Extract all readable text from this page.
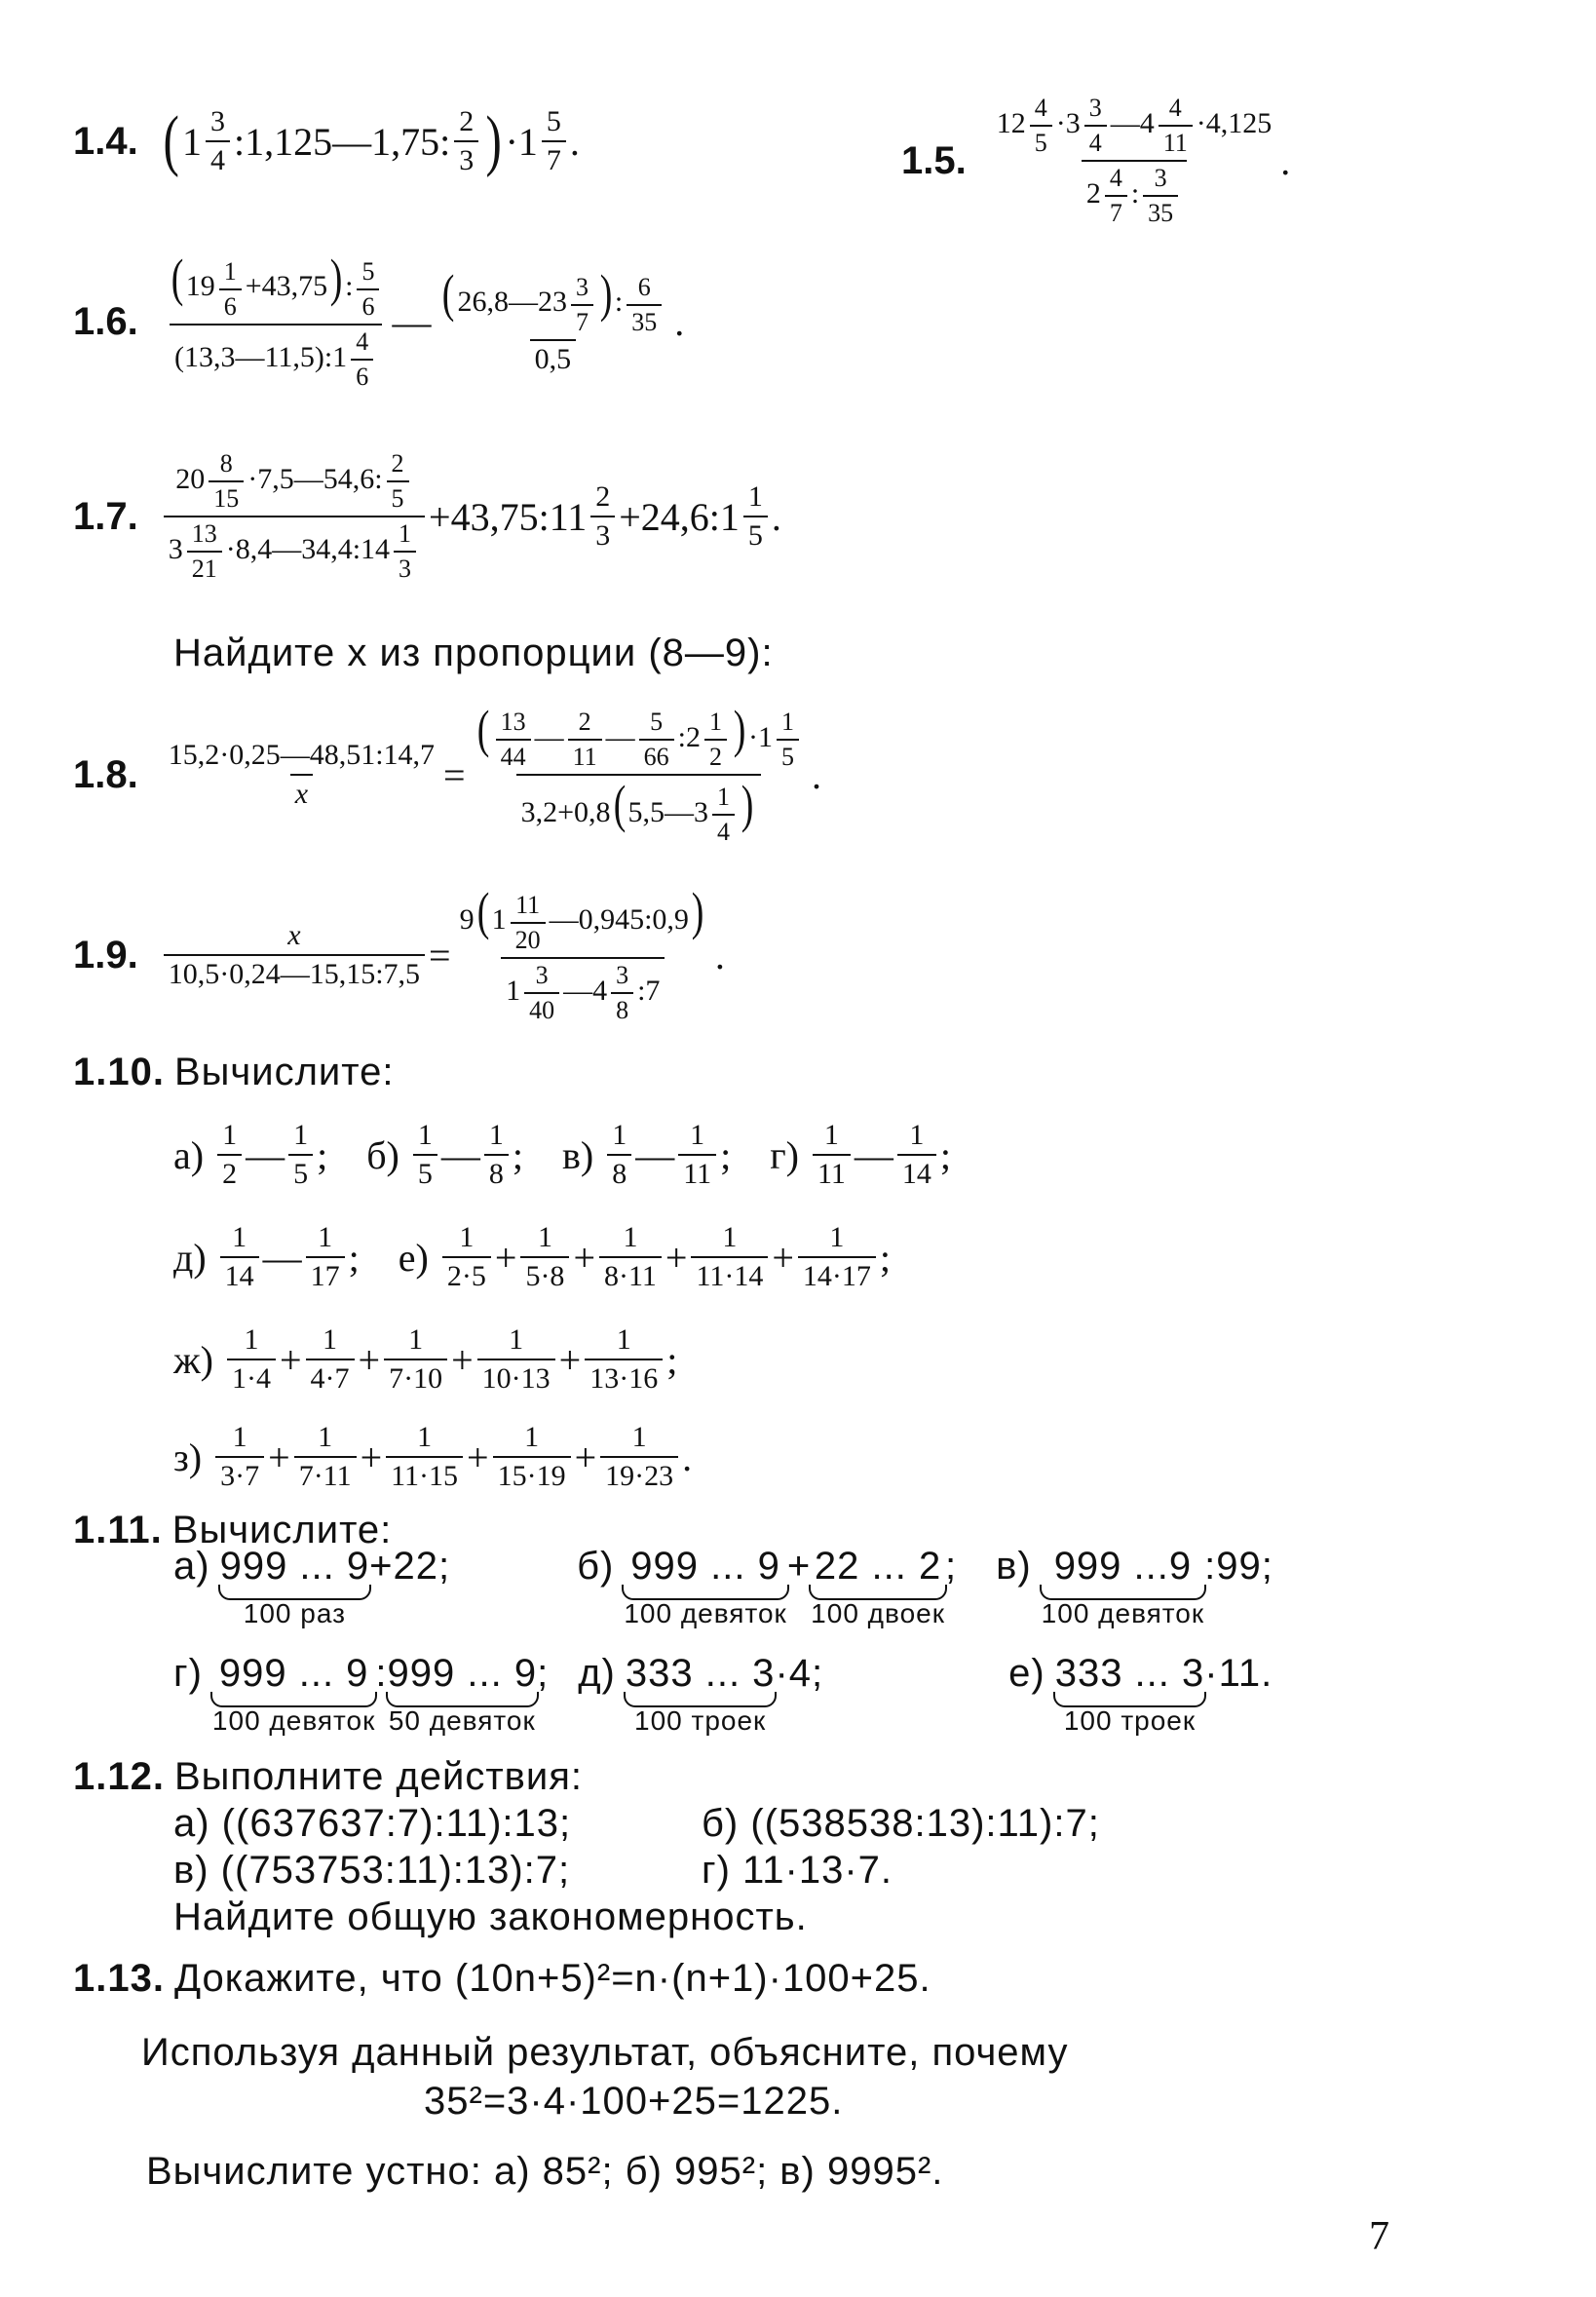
1.4. ( $1 \frac{3}{4}$ :1,125—1,75: $\frac{2}{3}$ ) $\cdot 1 \frac{5}{7}$ .	1.5. $\frac{12 \frac{4}{5} \cdot 3 \frac{3}{4} —4 \frac{4}{11} \cdot 4,125}{2 \frac{4}{7} : \frac{3}{35}}$ .
1.6. $\frac{(19 \frac{1}{6} +43,75): \frac{5}{6}}{(13,3—11,5):1 \frac{4}{6}}$ — $\frac{(26,8—23 \frac{3}{7} ): \frac{6}{35}}{0,5}$ .
1.7. $\frac{20 \frac{8}{15} \cdot 7,5—54,6: \frac{2}{5}}{3 \frac{13}{21} \cdot 8,4—34,4:14 \frac{1}{3}}$ +43,75:11 $\frac{2}{3}$ +24,6:1 $\frac{1}{5}$ .
Найдите x из пропорции (8—9):
1.8. $\frac{15,2\cdot 0,25—48,51:14,7}{x} = \frac{( \frac{13}{44} — \frac{2}{11} — \frac{5}{66} :2 \frac{1}{2} )\cdot 1 \frac{1}{5}}{3,2+0,8(5,5—3 \frac{1}{4} )}$ .
1.9. $\frac{x}{10,5\cdot 0,24—15,15:7,5} = \frac{9(1 \frac{11}{20} —0,945:0,9)}{1 \frac{3}{40} —4 \frac{3}{8} :7}$ .
1.10. Вычислите:
$а) \frac{1}{2}$ — $\frac{1}{5}$ ; $б) \frac{1}{5}$ — $\frac{1}{8}$ ; $в) \frac{1}{8}$ — $\frac{1}{11}$ ; $г) \frac{1}{11}$ — $\frac{1}{14}$ ;
$д) \frac{1}{14}$ — $\frac{1}{17}$ ; $е) \frac{1}{2\cdot 5} + \frac{1}{5\cdot 8} + \frac{1}{8\cdot 11} + \frac{1}{11\cdot 14} + \frac{1}{14\cdot 17}$ ;
$ж) \frac{1}{1\cdot 4} + \frac{1}{4\cdot 7} + \frac{1}{7\cdot 10} + \frac{1}{10\cdot 13} + \frac{1}{13\cdot 16}$ ;
$з) \frac{1}{3\cdot 7} + \frac{1}{7\cdot 11} + \frac{1}{11\cdot 15} + \frac{1}{15\cdot 19} + \frac{1}{19\cdot 23}$ .
1.11. Вычислите:
а) 999 ... 9
100 раз
+22;	б) 999 ... 9
100 девяток
+ 22 ... 2
100 двоек
; в) 999 ...9
100 девяток
:99;
г) 999 ... 9
100 девяток
: 999 ... 9
50 девяток
; д) 333 ... 3
100 троек
·4;	е) 333 ... 3
100 троек
·11.
1.12. Выполните действия:
а) ((637637:7):11):13;	б) ((538538:13):11):7;
в) ((753753:11):13):7;	г) 11·13·7.
Найдите общую закономерность.
1.13. Докажите, что (10n+5)²=n·(n+1)·100+25.
Используя данный результат, объясните, почему
35²=3·4·100+25=1225.
Вычислите устно: а) 85²; б) 995²; в) 9995².
7
